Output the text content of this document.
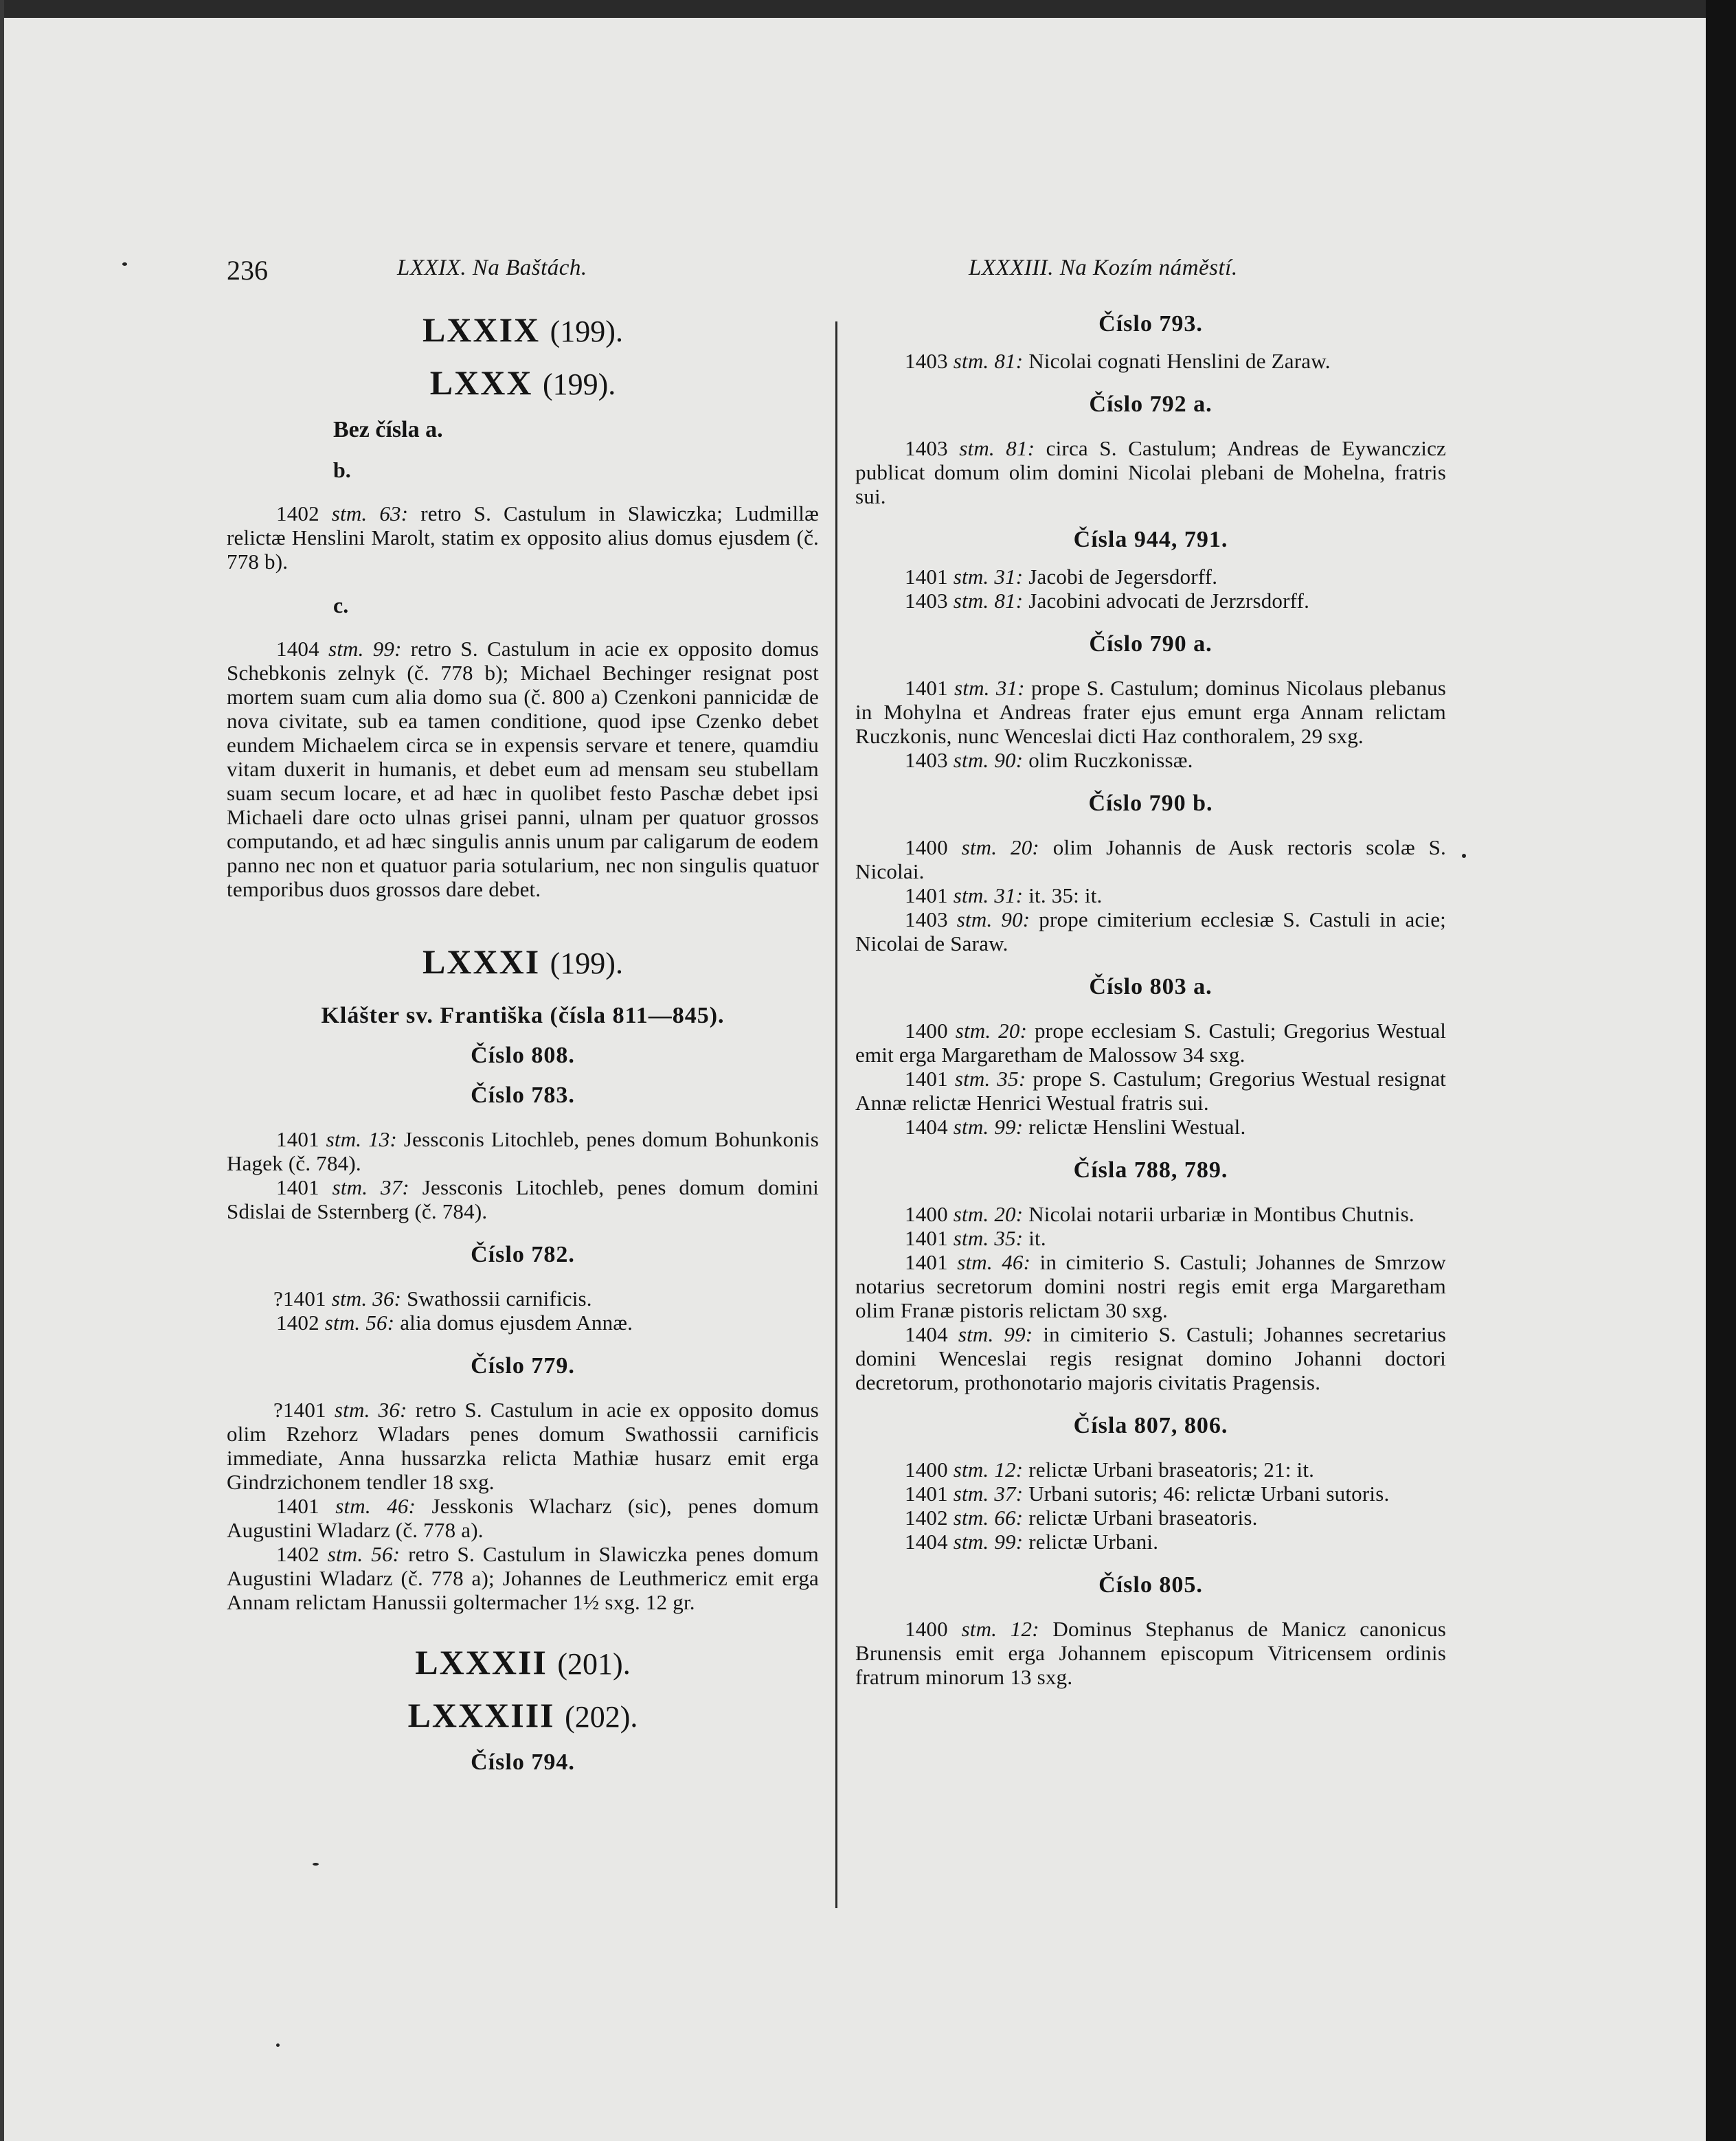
236	LXXIX. Na Baštách.	LXXXIII. Na Kozím náměstí.

LXXIX (199).

LXXX (199).

Bez čísla a.

b.

1402 stm. 63: retro S. Castulum in Slawiczka; Ludmillæ relictæ Henslini Marolt, statim ex opposito alius domus ejusdem (č. 778 b).

c.

1404 stm. 99: retro S. Castulum in acie ex opposito domus Schebkonis zelnyk (č. 778 b); Michael Bechinger resignat post mortem suam cum alia domo sua (č. 800 a) Czenkoni pannicidæ de nova civitate, sub ea tamen conditione, quod ipse Czenko debet eundem Michaelem circa se in expensis servare et tenere, quamdiu vitam duxerit in humanis, et debet eum ad mensam seu stubellam suam secum locare, et ad hæc in quolibet festo Paschæ debet ipsi Michaeli dare octo ulnas grisei panni, ulnam per quatuor grossos computando, et ad hæc singulis annis unum par caligarum de eodem panno nec non et quatuor paria sotularium, nec non singulis quatuor temporibus duos grossos dare debet.

LXXXI (199).

Klášter sv. Františka (čísla 811—845).

Číslo 808.

Číslo 783.

1401 stm. 13: Jessconis Litochleb, penes domum Bohunkonis Hagek (č. 784).

1401 stm. 37: Jessconis Litochleb, penes domum domini Sdislai de Ssternberg (č. 784).

Číslo 782.

?1401 stm. 36: Swathossii carnificis.

1402 stm. 56: alia domus ejusdem Annæ.

Číslo 779.

?1401 stm. 36: retro S. Castulum in acie ex opposito domus olim Rzehorz Wladars penes domum Swathossii carnificis immediate, Anna hussarzka relicta Mathiæ husarz emit erga Gindrzichonem tendler 18 sxg.

1401 stm. 46: Jesskonis Wlacharz (sic), penes domum Augustini Wladarz (č. 778 a).

1402 stm. 56: retro S. Castulum in Slawiczka penes domum Augustini Wladarz (č. 778 a); Johannes de Leuthmericz emit erga Annam relictam Hanussii goltermacher 1½ sxg. 12 gr.

LXXXII (201).

LXXXIII (202).

Číslo 794.

Číslo 793.

1403 stm. 81: Nicolai cognati Henslini de Zaraw.

Číslo 792 a.

1403 stm. 81: circa S. Castulum; Andreas de Eywanczicz publicat domum olim domini Nicolai plebani de Mohelna, fratris sui.

Čísla 944, 791.

1401 stm. 31: Jacobi de Jegersdorff.

1403 stm. 81: Jacobini advocati de Jerzrsdorff.

Číslo 790 a.

1401 stm. 31: prope S. Castulum; dominus Nicolaus plebanus in Mohylna et Andreas frater ejus emunt erga Annam relictam Ruczkonis, nunc Wenceslai dicti Haz conthoralem, 29 sxg.

1403 stm. 90: olim Ruczkonissæ.

Číslo 790 b.

1400 stm. 20: olim Johannis de Ausk rectoris scolæ S. Nicolai.

1401 stm. 31: it. 35: it.

1403 stm. 90: prope cimiterium ecclesiæ S. Castuli in acie; Nicolai de Saraw.

Číslo 803 a.

1400 stm. 20: prope ecclesiam S. Castuli; Gregorius Westual emit erga Margaretham de Malossow 34 sxg.

1401 stm. 35: prope S. Castulum; Gregorius Westual resignat Annæ relictæ Henrici Westual fratris sui.

1404 stm. 99: relictæ Henslini Westual.

Čísla 788, 789.

1400 stm. 20: Nicolai notarii urbariæ in Montibus Chutnis.

1401 stm. 35: it.

1401 stm. 46: in cimiterio S. Castuli; Johannes de Smrzow notarius secretorum domini nostri regis emit erga Margaretham olim Franæ pistoris relictam 30 sxg.

1404 stm. 99: in cimiterio S. Castuli; Johannes secretarius domini Wenceslai regis resignat domino Johanni doctori decretorum, prothonotario majoris civitatis Pragensis.

Čísla 807, 806.

1400 stm. 12: relictæ Urbani braseatoris; 21: it.

1401 stm. 37: Urbani sutoris; 46: relictæ Urbani sutoris.

1402 stm. 66: relictæ Urbani braseatoris.

1404 stm. 99: relictæ Urbani.

Číslo 805.

1400 stm. 12: Dominus Stephanus de Manicz canonicus Brunensis emit erga Johannem episcopum Vitricensem ordinis fratrum minorum 13 sxg.
